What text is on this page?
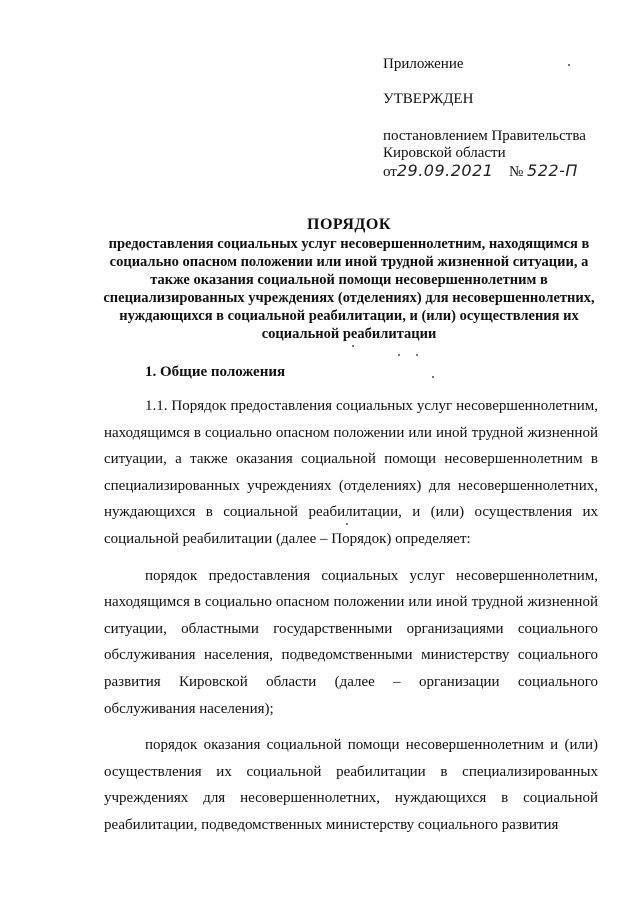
Приложение
УТВЕРЖДЕН
постановлением Правительства
Кировской области
от29.09.2021 № 522-П
ПОРЯДОК
предоставления социальных услуг несовершеннолетним, находящимся в социально опасном положении или иной трудной жизненной ситуации, а также оказания социальной помощи несовершеннолетним в специализированных учреждениях (отделениях) для несовершеннолетних, нуждающихся в социальной реабилитации, и (или) осуществления их социальной реабилитации
1. Общие положения

1.1. Порядок предоставления социальных услуг несовершеннолетним, находящимся в социально опасном положении или иной трудной жизненной ситуации, а также оказания социальной помощи несовершеннолетним в специализированных учреждениях (отделениях) для несовершеннолетних, нуждающихся в социальной реабилитации, и (или) осуществления их социальной реабилитации (далее – Порядок) определяет:

порядок предоставления социальных услуг несовершеннолетним, находящимся в социально опасном положении или иной трудной жизненной ситуации, областными государственными организациями социального обслуживания населения, подведомственными министерству социального развития Кировской области (далее – организации социального обслуживания населения);

порядок оказания социальной помощи несовершеннолетним и (или) осуществления их социальной реабилитации в специализированных учреждениях для несовершеннолетних, нуждающихся в социальной реабилитации, подведомственных министерству социального развития
